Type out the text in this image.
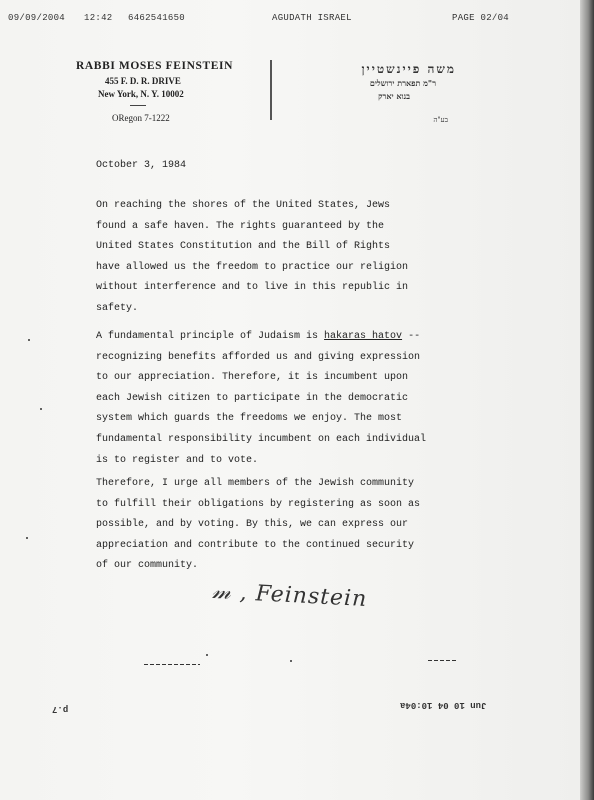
09/09/2004 12:42 6462541650	AGUDATH ISRAEL	PAGE 02/04
RABBI MOSES FEINSTEIN
455 F. D. R. DRIVE
New York, N. Y. 10002
ORegon 7-1222
משה פיינשטיין
ר"מ תפארת ירושלים
בנוא יארק
בע"ה
October 3, 1984
On reaching the shores of the United States, Jews
found a safe haven. The rights guaranteed by the
United States Constitution and the Bill of Rights
have allowed us the freedom to practice our religion
without interference and to live in this republic in
safety.
A fundamental principle of Judaism is hakaras hatov --
recognizing benefits afforded us and giving expression
to our appreciation. Therefore, it is incumbent upon
each Jewish citizen to participate in the democratic
system which guards the freedoms we enjoy. The most
fundamental responsibility incumbent on each individual
is to register and to vote.
Therefore, I urge all members of the Jewish community
to fulfill their obligations by registering as soon as
possible, and by voting. By this, we can express our
appreciation and contribute to the continued security
of our community.
𝓂 , Feinstein
Jun 10 04 10:04a
p.7
